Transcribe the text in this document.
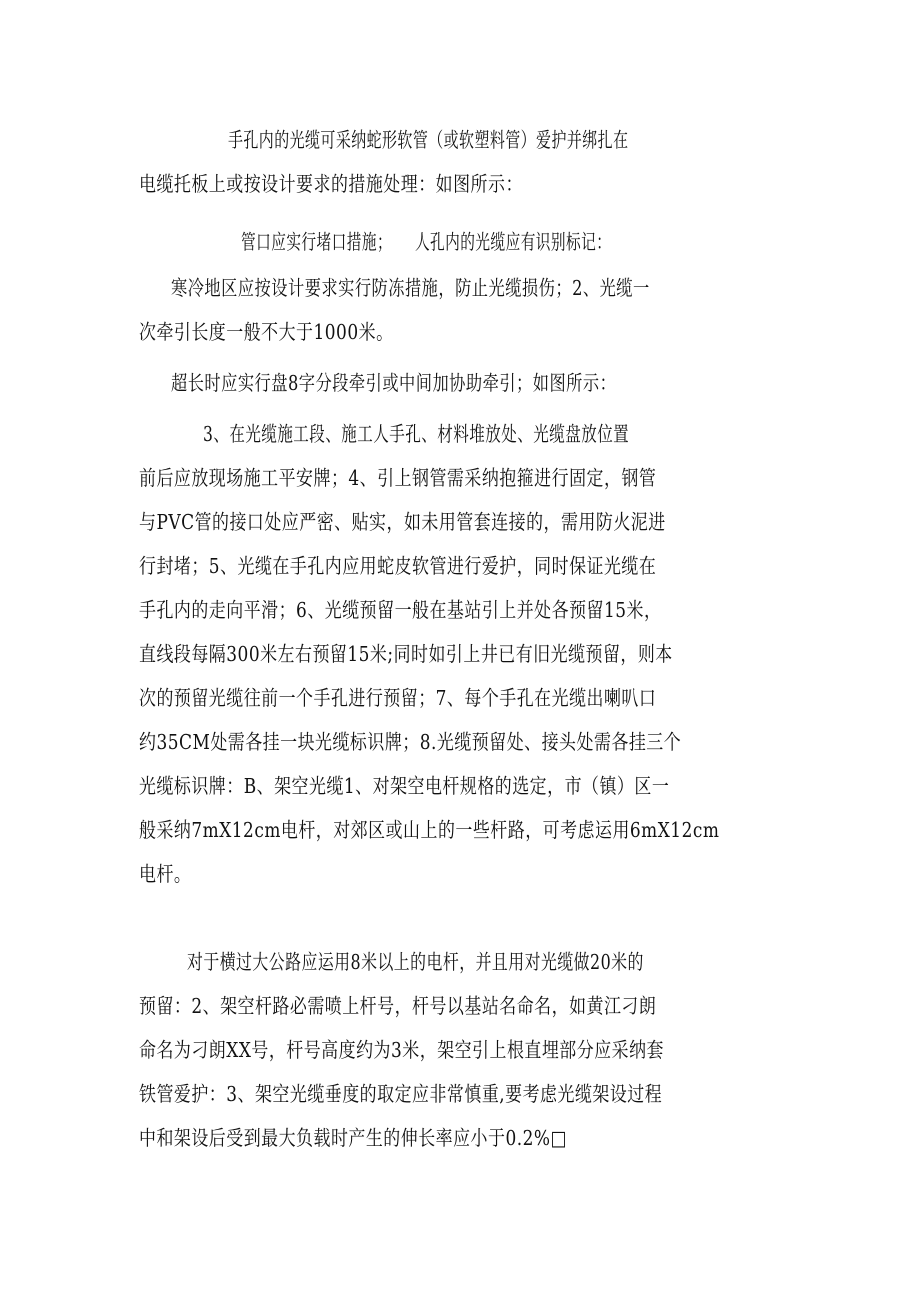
手孔内的光缆可采纳蛇形软管（或软塑料管）爱护并绑扎在
电缆托板上或按设计要求的措施处理：如图所示：

管口应实行堵口措施；　　人孔内的光缆应有识别标记：

寒冷地区应按设计要求实行防冻措施，防止光缆损伤；2、光缆一
次牵引长度一般不大于1000米。

超长时应实行盘8字分段牵引或中间加协助牵引；如图所示：

3、在光缆施工段、施工人手孔、材料堆放处、光缆盘放位置
前后应放现场施工平安牌；4、引上钢管需采纳抱箍进行固定，钢管
与PVC管的接口处应严密、贴实，如未用管套连接的，需用防火泥进
行封堵；5、光缆在手孔内应用蛇皮软管进行爱护，同时保证光缆在
手孔内的走向平滑；6、光缆预留一般在基站引上并处各预留15米，
直线段每隔300米左右预留15米;同时如引上井已有旧光缆预留，则本
次的预留光缆往前一个手孔进行预留；7、每个手孔在光缆出喇叭口
约35CM处需各挂一块光缆标识牌；8.光缆预留处、接头处需各挂三个
光缆标识牌：B、架空光缆1、对架空电杆规格的选定，市（镇）区一
般采纳7mX12cm电杆，对郊区或山上的一些杆路，可考虑运用6mX12cm
电杆。

对于横过大公路应运用8米以上的电杆，并且用对光缆做20米的
预留：2、架空杆路必需喷上杆号，杆号以基站名命名，如黄江刁朗
命名为刁朗XX号，杆号高度约为3米，架空引上根直埋部分应采纳套
铁管爱护：3、架空光缆垂度的取定应非常慎重,要考虑光缆架设过程
中和架设后受到最大负载时产生的伸长率应小于0.2%□
